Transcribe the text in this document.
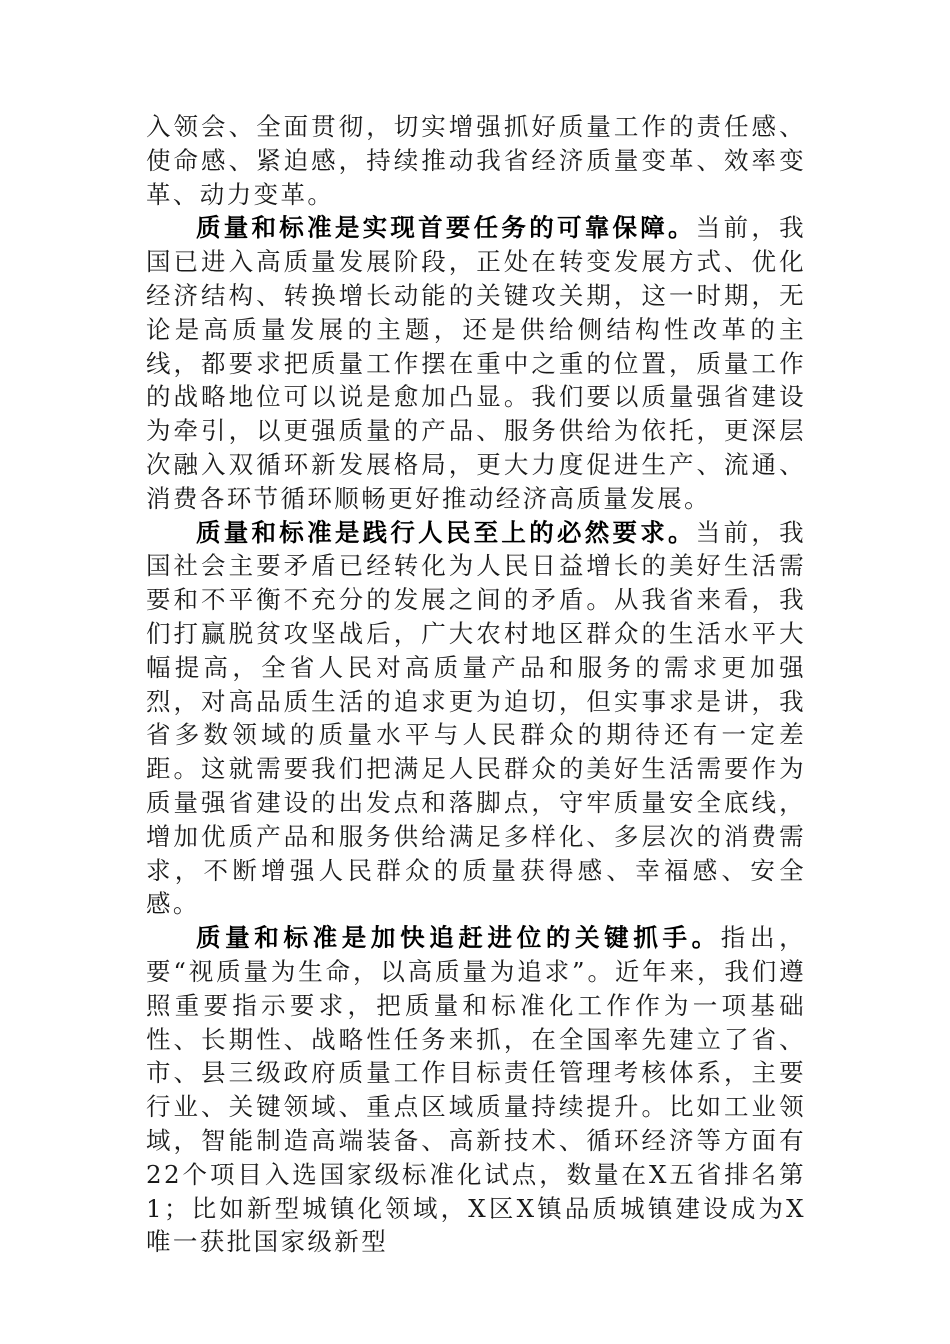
入领会、全面贯彻，切实增强抓好质量工作的责任感、使命感、紧迫感，持续推动我省经济质量变革、效率变革、动力变革。

质量和标准是实现首要任务的可靠保障。当前，我国已进入高质量发展阶段，正处在转变发展方式、优化经济结构、转换增长动能的关键攻关期，这一时期，无论是高质量发展的主题，还是供给侧结构性改革的主线，都要求把质量工作摆在重中之重的位置，质量工作的战略地位可以说是愈加凸显。我们要以质量强省建设为牵引，以更强质量的产品、服务供给为依托，更深层次融入双循环新发展格局，更大力度促进生产、流通、消费各环节循环顺畅更好推动经济高质量发展。

质量和标准是践行人民至上的必然要求。当前，我国社会主要矛盾已经转化为人民日益增长的美好生活需要和不平衡不充分的发展之间的矛盾。从我省来看，我们打赢脱贫攻坚战后，广大农村地区群众的生活水平大幅提高，全省人民对高质量产品和服务的需求更加强烈，对高品质生活的追求更为迫切，但实事求是讲，我省多数领域的质量水平与人民群众的期待还有一定差距。这就需要我们把满足人民群众的美好生活需要作为质量强省建设的出发点和落脚点，守牢质量安全底线，增加优质产品和服务供给满足多样化、多层次的消费需求，不断增强人民群众的质量获得感、幸福感、安全感。

质量和标准是加快追赶进位的关键抓手。指出，要“视质量为生命，以高质量为追求”。近年来，我们遵照重要指示要求，把质量和标准化工作作为一项基础性、长期性、战略性任务来抓，在全国率先建立了省、市、县三级政府质量工作目标责任管理考核体系，主要行业、关键领域、重点区域质量持续提升。比如工业领域，智能制造高端装备、高新技术、循环经济等方面有22个项目入选国家级标准化试点，数量在X五省排名第1；比如新型城镇化领域，X区X镇品质城镇建设成为X唯一获批国家级新型
